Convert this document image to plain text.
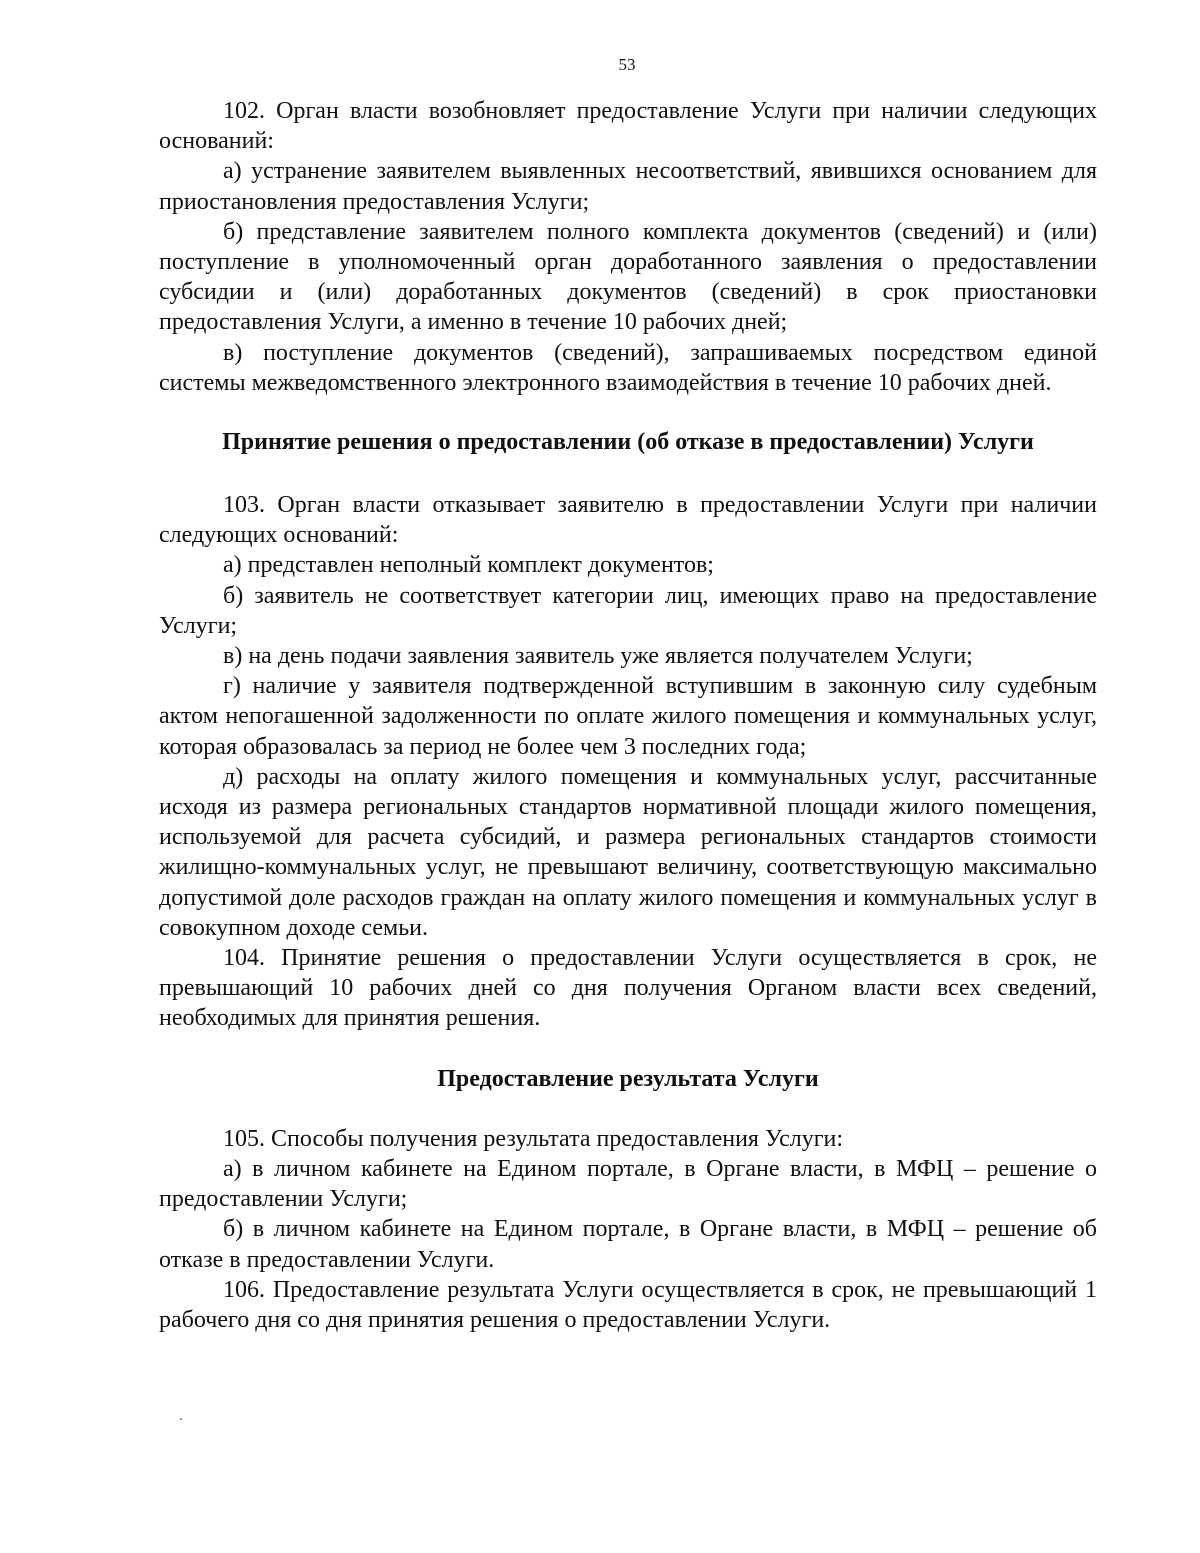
53

102. Орган власти возобновляет предоставление Услуги при наличии следующих оснований:

а) устранение заявителем выявленных несоответствий, явившихся основанием для приостановления предоставления Услуги;

б) представление заявителем полного комплекта документов (сведений) и (или) поступление в уполномоченный орган доработанного заявления о предоставлении субсидии и (или) доработанных документов (сведений) в срок приостановки предоставления Услуги, а именно в течение 10 рабочих дней;

в) поступление документов (сведений), запрашиваемых посредством единой системы межведомственного электронного взаимодействия в течение 10 рабочих дней.

Принятие решения о предоставлении (об отказе в предоставлении) Услуги

103. Орган власти отказывает заявителю в предоставлении Услуги при наличии следующих оснований:

а) представлен неполный комплект документов;

б) заявитель не соответствует категории лиц, имеющих право на предоставление Услуги;

в) на день подачи заявления заявитель уже является получателем Услуги;

г) наличие у заявителя подтвержденной вступившим в законную силу судебным актом непогашенной задолженности по оплате жилого помещения и коммунальных услуг, которая образовалась за период не более чем 3 последних года;

д) расходы на оплату жилого помещения и коммунальных услуг, рассчитанные исходя из размера региональных стандартов нормативной площади жилого помещения, используемой для расчета субсидий, и размера региональных стандартов стоимости жилищно-коммунальных услуг, не превышают величину, соответствующую максимально допустимой доле расходов граждан на оплату жилого помещения и коммунальных услуг в совокупном доходе семьи.

104. Принятие решения о предоставлении Услуги осуществляется в срок, не превышающий 10 рабочих дней со дня получения Органом власти всех сведений, необходимых для принятия решения.

Предоставление результата Услуги

105. Способы получения результата предоставления Услуги:

а) в личном кабинете на Едином портале, в Органе власти, в МФЦ – решение о предоставлении Услуги;

б) в личном кабинете на Едином портале, в Органе власти, в МФЦ – решение об отказе в предоставлении Услуги.

106. Предоставление результата Услуги осуществляется в срок, не превышающий 1 рабочего дня со дня принятия решения о предоставлении Услуги.
